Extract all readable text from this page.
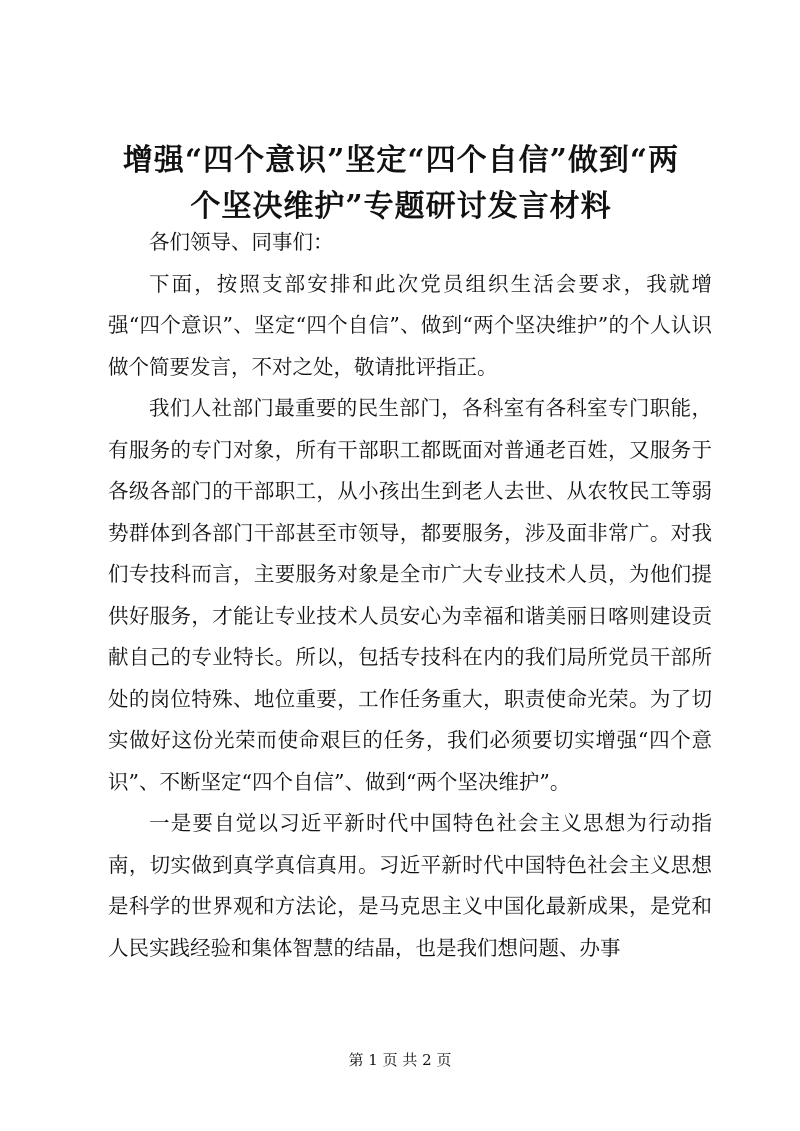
增强“四个意识”坚定“四个自信”做到“两
个坚决维护”专题研讨发言材料

各们领导、同事们：

下面，按照支部安排和此次党员组织生活会要求，我就增强“四个意识”、坚定“四个自信”、做到“两个坚决维护”的个人认识做个简要发言，不对之处，敬请批评指正。

我们人社部门最重要的民生部门，各科室有各科室专门职能，有服务的专门对象，所有干部职工都既面对普通老百姓，又服务于各级各部门的干部职工，从小孩出生到老人去世、从农牧民工等弱势群体到各部门干部甚至市领导，都要服务，涉及面非常广。对我们专技科而言，主要服务对象是全市广大专业技术人员，为他们提供好服务，才能让专业技术人员安心为幸福和谐美丽日喀则建设贡献自己的专业特长。所以，包括专技科在内的我们局所党员干部所处的岗位特殊、地位重要，工作任务重大，职责使命光荣。为了切实做好这份光荣而使命艰巨的任务，我们必须要切实增强“四个意识”、不断坚定“四个自信”、做到“两个坚决维护”。

一是要自觉以习近平新时代中国特色社会主义思想为行动指南，切实做到真学真信真用。习近平新时代中国特色社会主义思想是科学的世界观和方法论，是马克思主义中国化最新成果，是党和人民实践经验和集体智慧的结晶，也是我们想问题、办事

第 1 页 共 2 页
